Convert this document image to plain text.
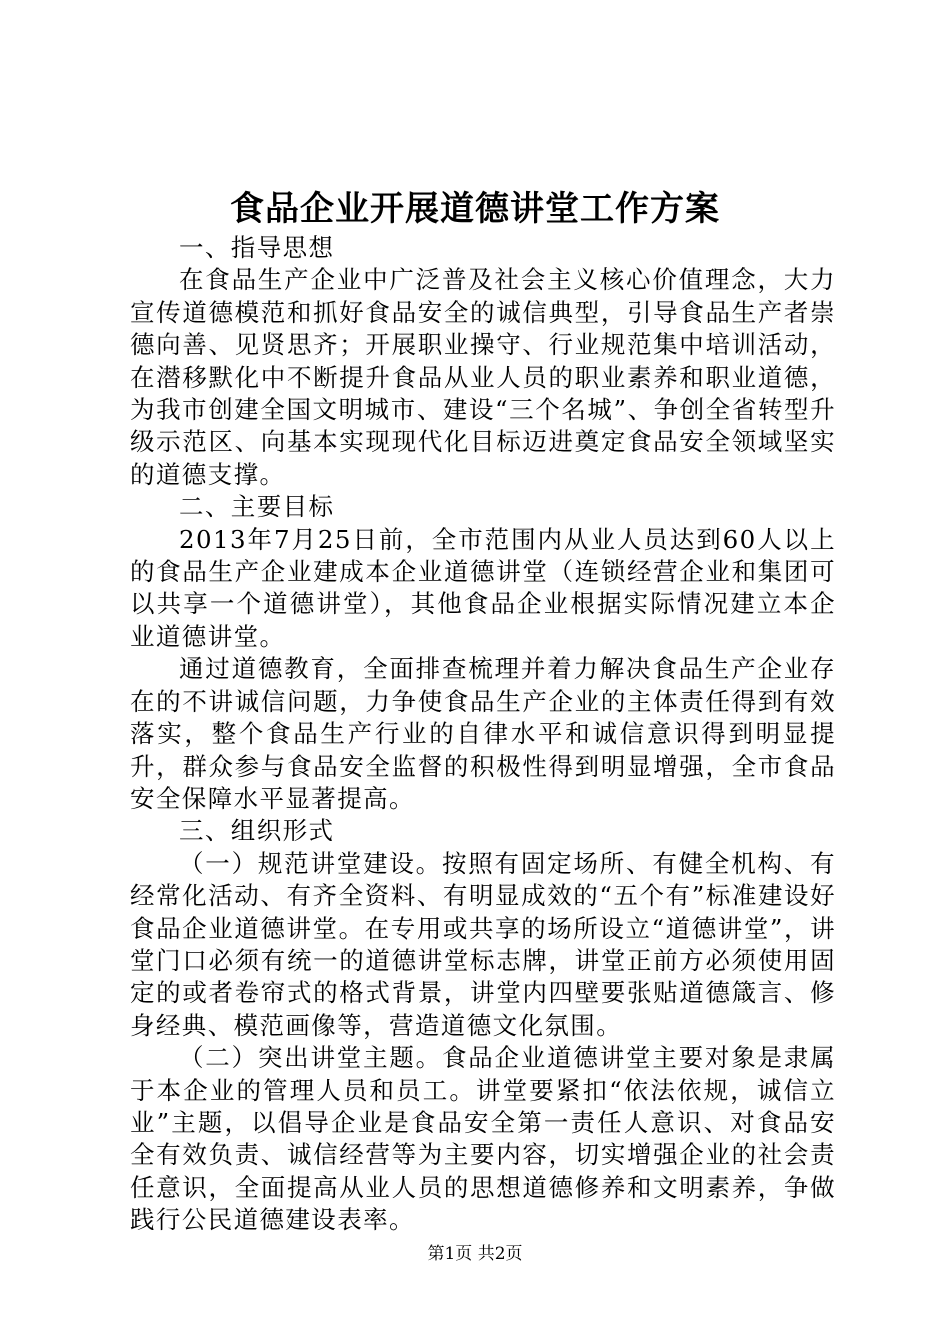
食品企业开展道德讲堂工作方案

一、指导思想

在食品生产企业中广泛普及社会主义核心价值理念，大力宣传道德模范和抓好食品安全的诚信典型，引导食品生产者崇德向善、见贤思齐；开展职业操守、行业规范集中培训活动，在潜移默化中不断提升食品从业人员的职业素养和职业道德，为我市创建全国文明城市、建设“三个名城”、争创全省转型升级示范区、向基本实现现代化目标迈进奠定食品安全领域坚实的道德支撑。

二、主要目标

2013年7月25日前，全市范围内从业人员达到60人以上的食品生产企业建成本企业道德讲堂（连锁经营企业和集团可以共享一个道德讲堂），其他食品企业根据实际情况建立本企业道德讲堂。

通过道德教育，全面排查梳理并着力解决食品生产企业存在的不讲诚信问题，力争使食品生产企业的主体责任得到有效落实，整个食品生产行业的自律水平和诚信意识得到明显提升，群众参与食品安全监督的积极性得到明显增强，全市食品安全保障水平显著提高。

三、组织形式

（一）规范讲堂建设。按照有固定场所、有健全机构、有经常化活动、有齐全资料、有明显成效的“五个有”标准建设好食品企业道德讲堂。在专用或共享的场所设立“道德讲堂”，讲堂门口必须有统一的道德讲堂标志牌，讲堂正前方必须使用固定的或者卷帘式的格式背景，讲堂内四壁要张贴道德箴言、修身经典、模范画像等，营造道德文化氛围。

（二）突出讲堂主题。食品企业道德讲堂主要对象是隶属于本企业的管理人员和员工。讲堂要紧扣“依法依规，诚信立业”主题，以倡导企业是食品安全第一责任人意识、对食品安全有效负责、诚信经营等为主要内容，切实增强企业的社会责任意识，全面提高从业人员的思想道德修养和文明素养，争做践行公民道德建设表率。

第1页 共2页
